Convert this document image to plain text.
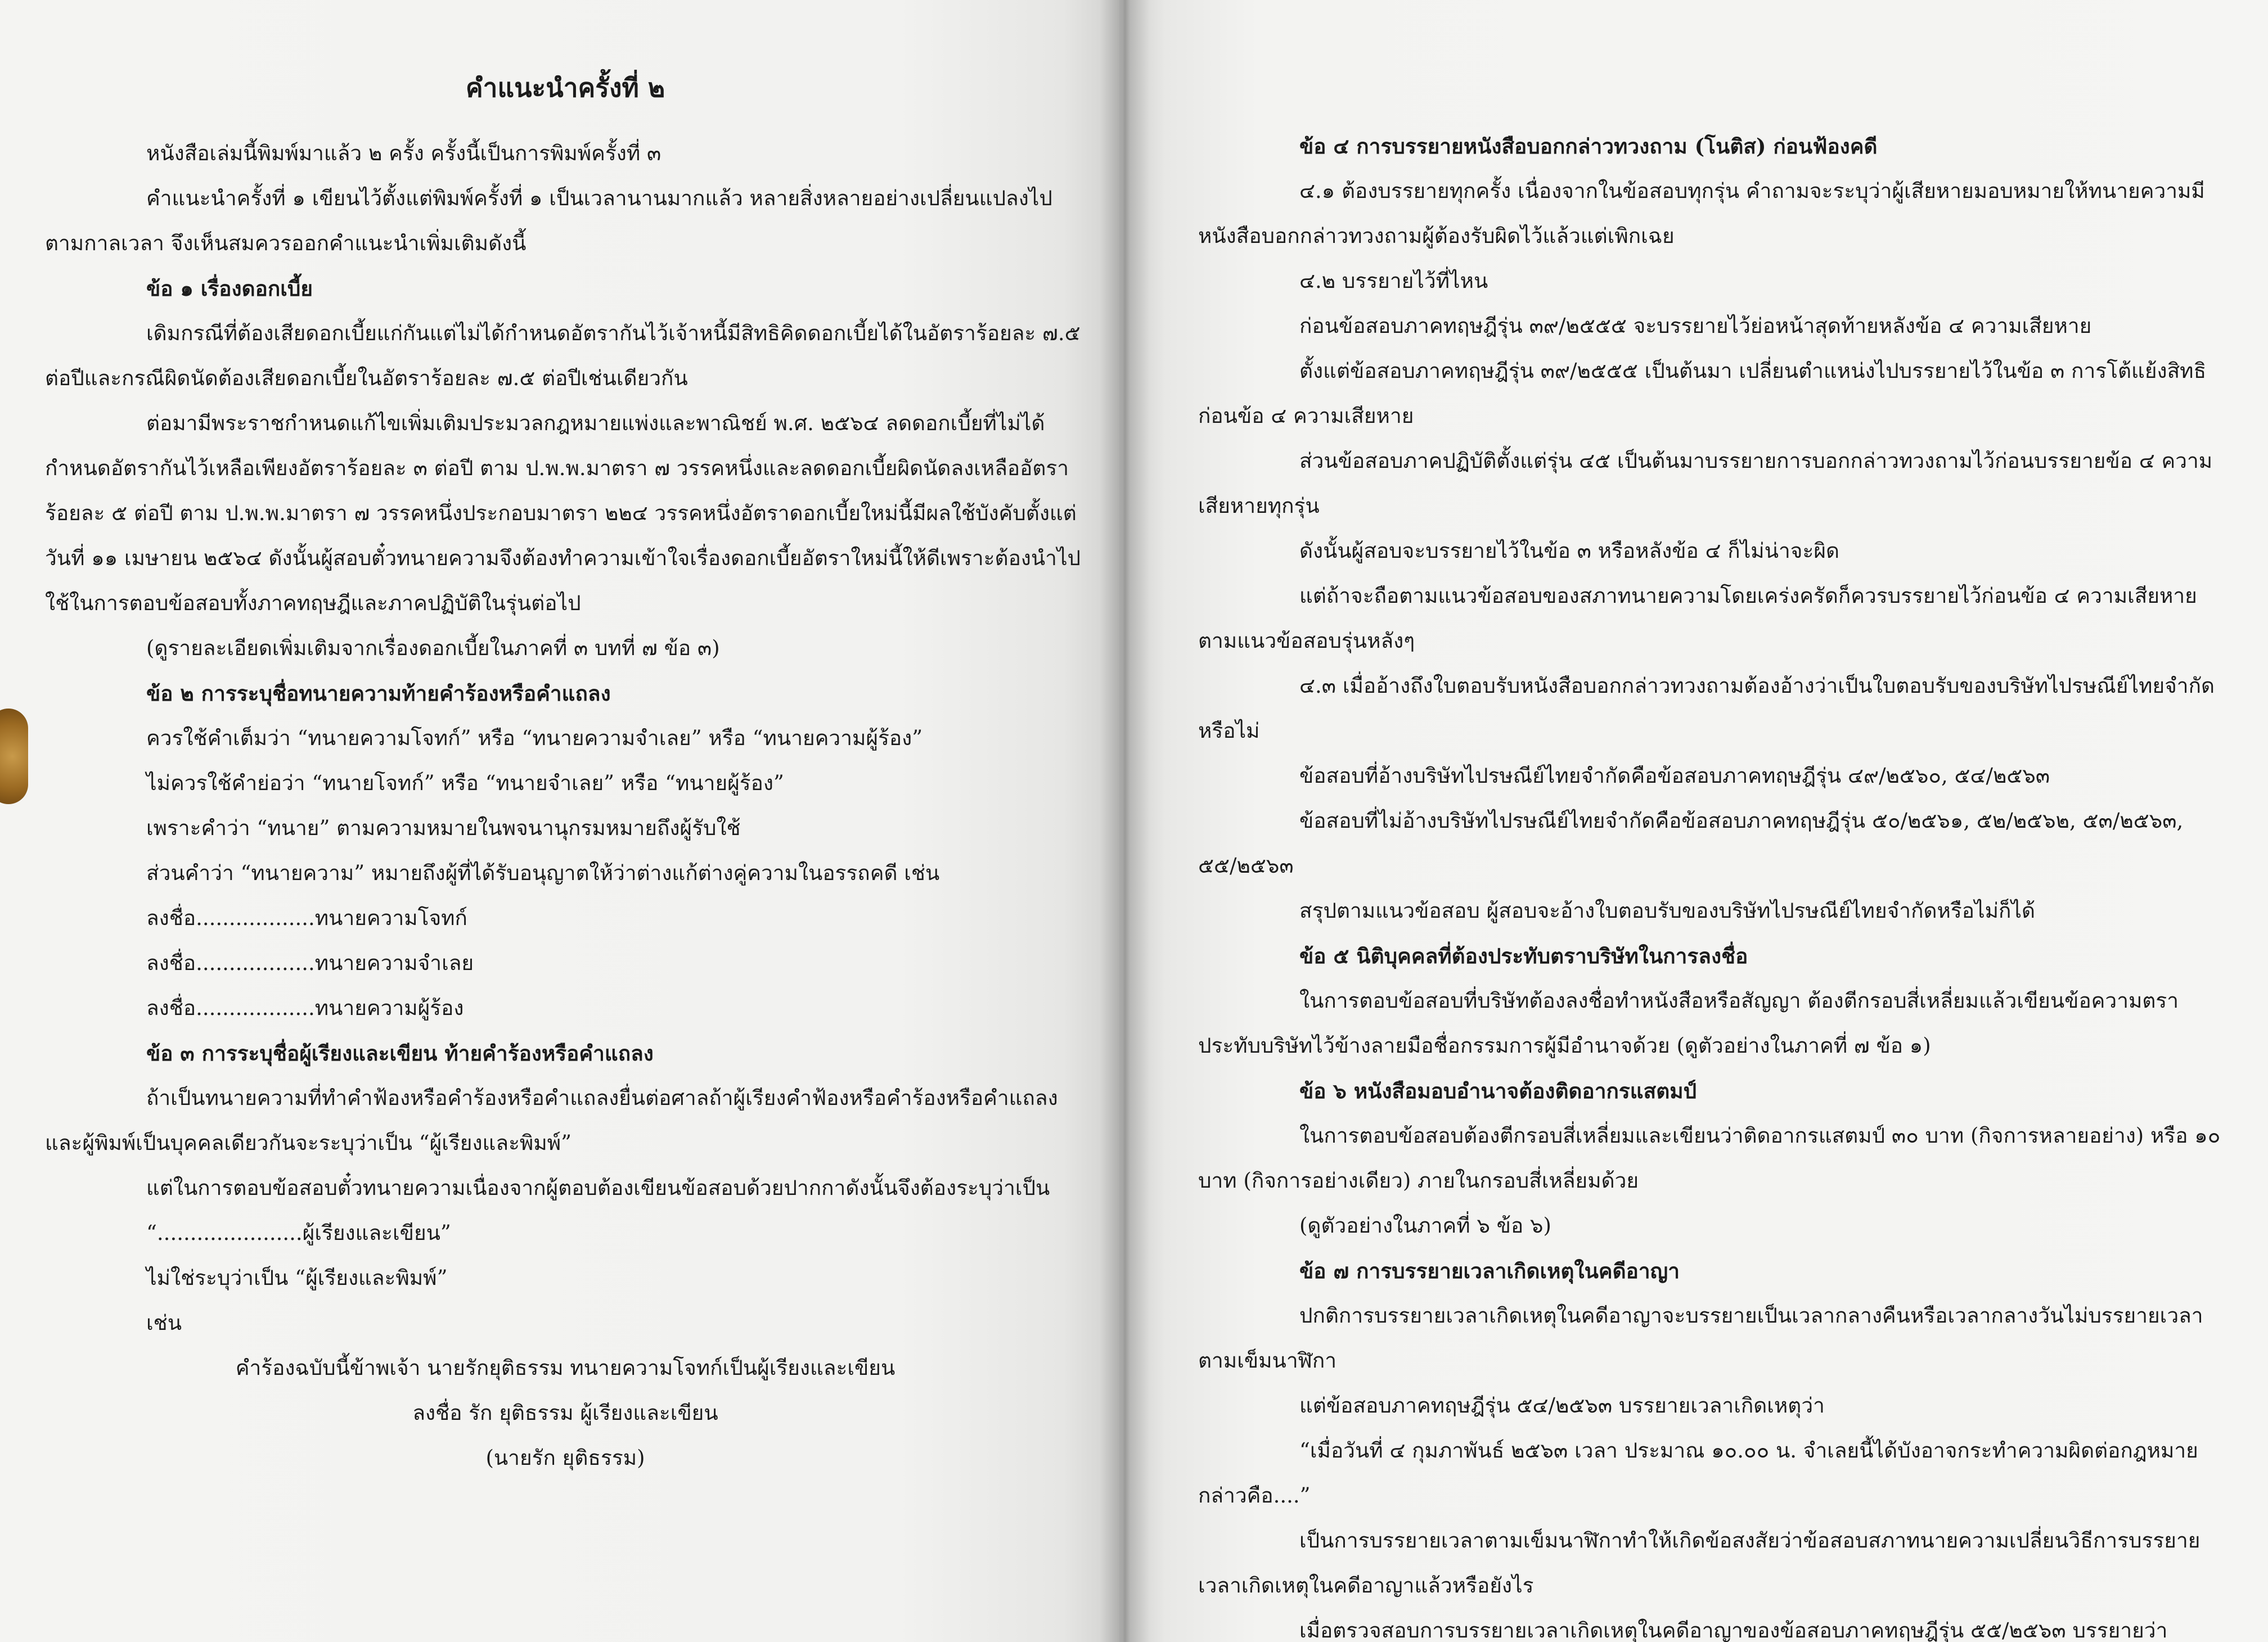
คำแนะนำครั้งที่ ๒

หนังสือเล่มนี้พิมพ์มาแล้ว ๒ ครั้ง ครั้งนี้เป็นการพิมพ์ครั้งที่ ๓

คำแนะนำครั้งที่ ๑ เขียนไว้ตั้งแต่พิมพ์ครั้งที่ ๑ เป็นเวลานานมากแล้ว หลายสิ่งหลายอย่างเปลี่ยนแปลงไปตามกาลเวลา จึงเห็นสมควรออกคำแนะนำเพิ่มเติมดังนี้

ข้อ ๑ เรื่องดอกเบี้ย

เดิมกรณีที่ต้องเสียดอกเบี้ยแก่กันแต่ไม่ได้กำหนดอัตรากันไว้เจ้าหนี้มีสิทธิคิดดอกเบี้ยได้ในอัตราร้อยละ ๗.๕ ต่อปีและกรณีผิดนัดต้องเสียดอกเบี้ยในอัตราร้อยละ ๗.๕ ต่อปีเช่นเดียวกัน

ต่อมามีพระราชกำหนดแก้ไขเพิ่มเติมประมวลกฎหมายแพ่งและพาณิชย์ พ.ศ. ๒๕๖๔ ลดดอกเบี้ยที่ไม่ได้กำหนดอัตรากันไว้เหลือเพียงอัตราร้อยละ ๓ ต่อปี ตาม ป.พ.พ.มาตรา ๗ วรรคหนึ่งและลดดอกเบี้ยผิดนัดลงเหลืออัตราร้อยละ ๕ ต่อปี ตาม ป.พ.พ.มาตรา ๗ วรรคหนึ่งประกอบมาตรา ๒๒๔ วรรคหนึ่งอัตราดอกเบี้ยใหม่นี้มีผลใช้บังคับตั้งแต่วันที่ ๑๑ เมษายน ๒๕๖๔ ดังนั้นผู้สอบตั๋วทนายความจึงต้องทำความเข้าใจเรื่องดอกเบี้ยอัตราใหม่นี้ให้ดีเพราะต้องนำไปใช้ในการตอบข้อสอบทั้งภาคทฤษฎีและภาคปฏิบัติในรุ่นต่อไป

(ดูรายละเอียดเพิ่มเติมจากเรื่องดอกเบี้ยในภาคที่ ๓ บทที่ ๗ ข้อ ๓)

ข้อ ๒ การระบุชื่อทนายความท้ายคำร้องหรือคำแถลง

ควรใช้คำเต็มว่า “ทนายความโจทก์” หรือ “ทนายความจำเลย” หรือ “ทนายความผู้ร้อง”

ไม่ควรใช้คำย่อว่า “ทนายโจทก์” หรือ “ทนายจำเลย” หรือ “ทนายผู้ร้อง”

เพราะคำว่า “ทนาย” ตามความหมายในพจนานุกรมหมายถึงผู้รับใช้

ส่วนคำว่า “ทนายความ” หมายถึงผู้ที่ได้รับอนุญาตให้ว่าต่างแก้ต่างคู่ความในอรรถคดี เช่น

ลงชื่อ..................ทนายความโจทก์

ลงชื่อ..................ทนายความจำเลย

ลงชื่อ..................ทนายความผู้ร้อง

ข้อ ๓ การระบุชื่อผู้เรียงและเขียน ท้ายคำร้องหรือคำแถลง

ถ้าเป็นทนายความที่ทำคำฟ้องหรือคำร้องหรือคำแถลงยื่นต่อศาลถ้าผู้เรียงคำฟ้องหรือคำร้องหรือคำแถลงและผู้พิมพ์เป็นบุคคลเดียวกันจะระบุว่าเป็น “ผู้เรียงและพิมพ์”

แต่ในการตอบข้อสอบตั๋วทนายความเนื่องจากผู้ตอบต้องเขียนข้อสอบด้วยปากกาดังนั้นจึงต้องระบุว่าเป็น

“......................ผู้เรียงและเขียน”

ไม่ใช่ระบุว่าเป็น “ผู้เรียงและพิมพ์”

เช่น

คำร้องฉบับนี้ข้าพเจ้า นายรักยุติธรรม ทนายความโจทก์เป็นผู้เรียงและเขียน

ลงชื่อ รัก ยุติธรรม ผู้เรียงและเขียน

(นายรัก ยุติธรรม)

ข้อ ๔ การบรรยายหนังสือบอกกล่าวทวงถาม (โนติส) ก่อนฟ้องคดี

๔.๑ ต้องบรรยายทุกครั้ง เนื่องจากในข้อสอบทุกรุ่น คำถามจะระบุว่าผู้เสียหายมอบหมายให้ทนายความมีหนังสือบอกกล่าวทวงถามผู้ต้องรับผิดไว้แล้วแต่เพิกเฉย

๔.๒ บรรยายไว้ที่ไหน

ก่อนข้อสอบภาคทฤษฎีรุ่น ๓๙/๒๕๕๕ จะบรรยายไว้ย่อหน้าสุดท้ายหลังข้อ ๔ ความเสียหาย

ตั้งแต่ข้อสอบภาคทฤษฎีรุ่น ๓๙/๒๕๕๕ เป็นต้นมา เปลี่ยนตำแหน่งไปบรรยายไว้ในข้อ ๓ การโต้แย้งสิทธิ ก่อนข้อ ๔ ความเสียหาย

ส่วนข้อสอบภาคปฏิบัติตั้งแต่รุ่น ๔๕ เป็นต้นมาบรรยายการบอกกล่าวทวงถามไว้ก่อนบรรยายข้อ ๔ ความเสียหายทุกรุ่น

ดังนั้นผู้สอบจะบรรยายไว้ในข้อ ๓ หรือหลังข้อ ๔ ก็ไม่น่าจะผิด

แต่ถ้าจะถือตามแนวข้อสอบของสภาทนายความโดยเคร่งครัดก็ควรบรรยายไว้ก่อนข้อ ๔ ความเสียหายตามแนวข้อสอบรุ่นหลังๆ

๔.๓ เมื่ออ้างถึงใบตอบรับหนังสือบอกกล่าวทวงถามต้องอ้างว่าเป็นใบตอบรับของบริษัทไปรษณีย์ไทยจำกัดหรือไม่

ข้อสอบที่อ้างบริษัทไปรษณีย์ไทยจำกัดคือข้อสอบภาคทฤษฎีรุ่น ๔๙/๒๕๖๐, ๕๔/๒๕๖๓

ข้อสอบที่ไม่อ้างบริษัทไปรษณีย์ไทยจำกัดคือข้อสอบภาคทฤษฎีรุ่น ๕๐/๒๕๖๑, ๕๒/๒๕๖๒, ๕๓/๒๕๖๓, ๕๕/๒๕๖๓

สรุปตามแนวข้อสอบ ผู้สอบจะอ้างใบตอบรับของบริษัทไปรษณีย์ไทยจำกัดหรือไม่ก็ได้

ข้อ ๕ นิติบุคคลที่ต้องประทับตราบริษัทในการลงชื่อ

ในการตอบข้อสอบที่บริษัทต้องลงชื่อทำหนังสือหรือสัญญา ต้องตีกรอบสี่เหลี่ยมแล้วเขียนข้อความตราประทับบริษัทไว้ข้างลายมือชื่อกรรมการผู้มีอำนาจด้วย (ดูตัวอย่างในภาคที่ ๗ ข้อ ๑)

ข้อ ๖ หนังสือมอบอำนาจต้องติดอากรแสตมป์

ในการตอบข้อสอบต้องตีกรอบสี่เหลี่ยมและเขียนว่าติดอากรแสตมป์ ๓๐ บาท (กิจการหลายอย่าง) หรือ ๑๐ บาท (กิจการอย่างเดียว) ภายในกรอบสี่เหลี่ยมด้วย

(ดูตัวอย่างในภาคที่ ๖ ข้อ ๖)

ข้อ ๗ การบรรยายเวลาเกิดเหตุในคดีอาญา

ปกติการบรรยายเวลาเกิดเหตุในคดีอาญาจะบรรยายเป็นเวลากลางคืนหรือเวลากลางวันไม่บรรยายเวลาตามเข็มนาฬิกา

แต่ข้อสอบภาคทฤษฎีรุ่น ๕๔/๒๕๖๓ บรรยายเวลาเกิดเหตุว่า

“เมื่อวันที่ ๔ กุมภาพันธ์ ๒๕๖๓ เวลา ประมาณ ๑๐.๐๐ น. จำเลยนี้ได้บังอาจกระทำความผิดต่อกฎหมายกล่าวคือ....”

เป็นการบรรยายเวลาตามเข็มนาฬิกาทำให้เกิดข้อสงสัยว่าข้อสอบสภาทนายความเปลี่ยนวิธีการบรรยายเวลาเกิดเหตุในคดีอาญาแล้วหรือยังไร

เมื่อตรวจสอบการบรรยายเวลาเกิดเหตุในคดีอาญาของข้อสอบภาคทฤษฎีรุ่น ๕๕/๒๕๖๓ บรรยายว่า
